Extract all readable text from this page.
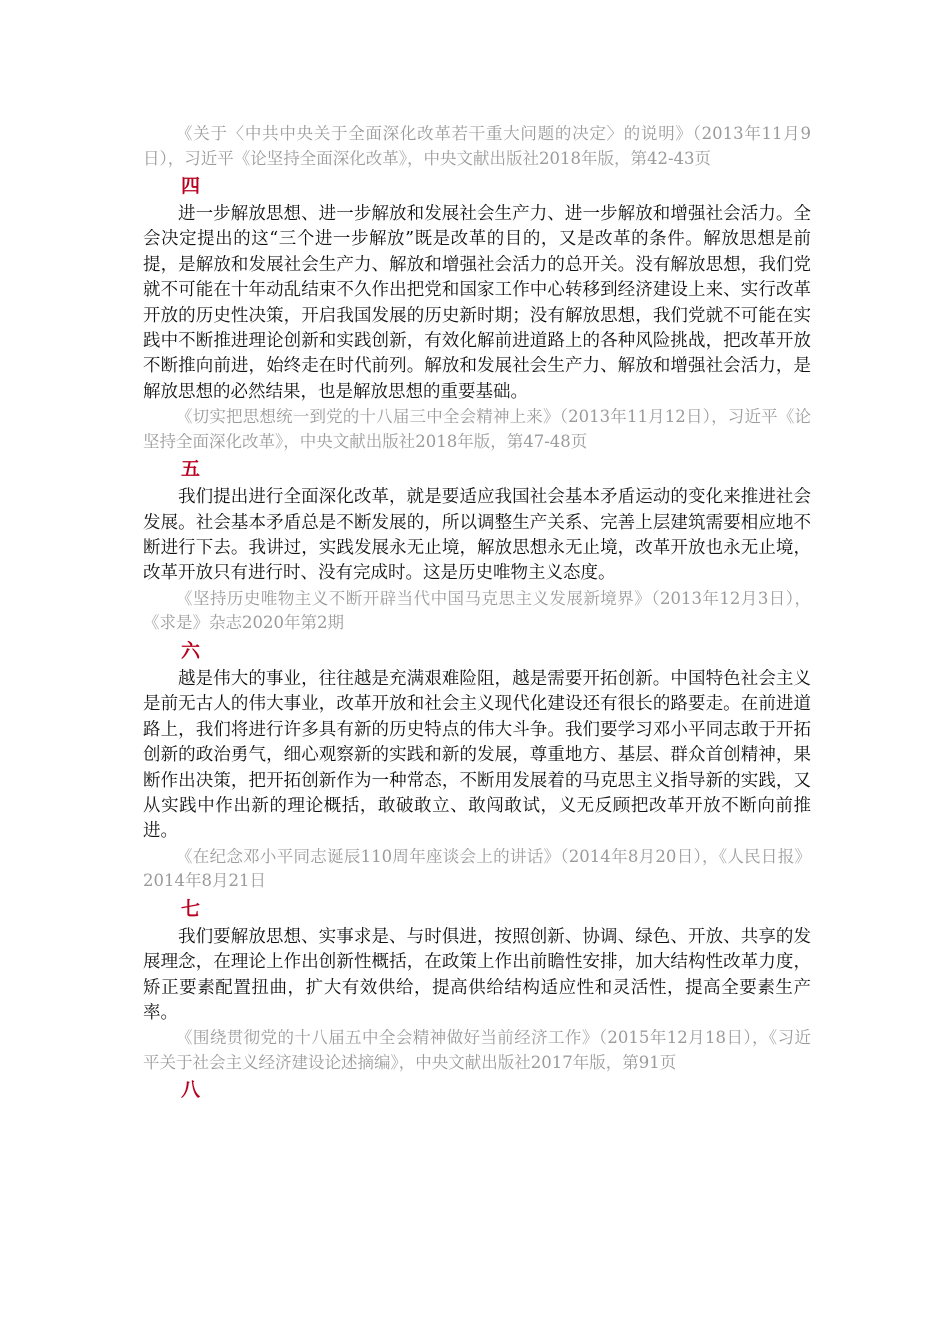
《关于〈中共中央关于全面深化改革若干重大问题的决定〉的说明》（2013年11月9日），习近平《论坚持全面深化改革》，中央文献出版社2018年版，第42-43页

四

进一步解放思想、进一步解放和发展社会生产力、进一步解放和增强社会活力。全会决定提出的这“三个进一步解放”既是改革的目的，又是改革的条件。解放思想是前提，是解放和发展社会生产力、解放和增强社会活力的总开关。没有解放思想，我们党就不可能在十年动乱结束不久作出把党和国家工作中心转移到经济建设上来、实行改革开放的历史性决策，开启我国发展的历史新时期；没有解放思想，我们党就不可能在实践中不断推进理论创新和实践创新，有效化解前进道路上的各种风险挑战，把改革开放不断推向前进，始终走在时代前列。解放和发展社会生产力、解放和增强社会活力，是解放思想的必然结果，也是解放思想的重要基础。

《切实把思想统一到党的十八届三中全会精神上来》（2013年11月12日），习近平《论坚持全面深化改革》，中央文献出版社2018年版，第47-48页

五

我们提出进行全面深化改革，就是要适应我国社会基本矛盾运动的变化来推进社会发展。社会基本矛盾总是不断发展的，所以调整生产关系、完善上层建筑需要相应地不断进行下去。我讲过，实践发展永无止境，解放思想永无止境，改革开放也永无止境，改革开放只有进行时、没有完成时。这是历史唯物主义态度。

《坚持历史唯物主义不断开辟当代中国马克思主义发展新境界》（2013年12月3日），《求是》杂志2020年第2期

六

越是伟大的事业，往往越是充满艰难险阻，越是需要开拓创新。中国特色社会主义是前无古人的伟大事业，改革开放和社会主义现代化建设还有很长的路要走。在前进道路上，我们将进行许多具有新的历史特点的伟大斗争。我们要学习邓小平同志敢于开拓创新的政治勇气，细心观察新的实践和新的发展，尊重地方、基层、群众首创精神，果断作出决策，把开拓创新作为一种常态，不断用发展着的马克思主义指导新的实践，又从实践中作出新的理论概括，敢破敢立、敢闯敢试，义无反顾把改革开放不断向前推进。

《在纪念邓小平同志诞辰110周年座谈会上的讲话》（2014年8月20日），《人民日报》2014年8月21日

七

我们要解放思想、实事求是、与时俱进，按照创新、协调、绿色、开放、共享的发展理念，在理论上作出创新性概括，在政策上作出前瞻性安排，加大结构性改革力度，矫正要素配置扭曲，扩大有效供给，提高供给结构适应性和灵活性，提高全要素生产率。

《围绕贯彻党的十八届五中全会精神做好当前经济工作》（2015年12月18日），《习近平关于社会主义经济建设论述摘编》，中央文献出版社2017年版，第91页

八
